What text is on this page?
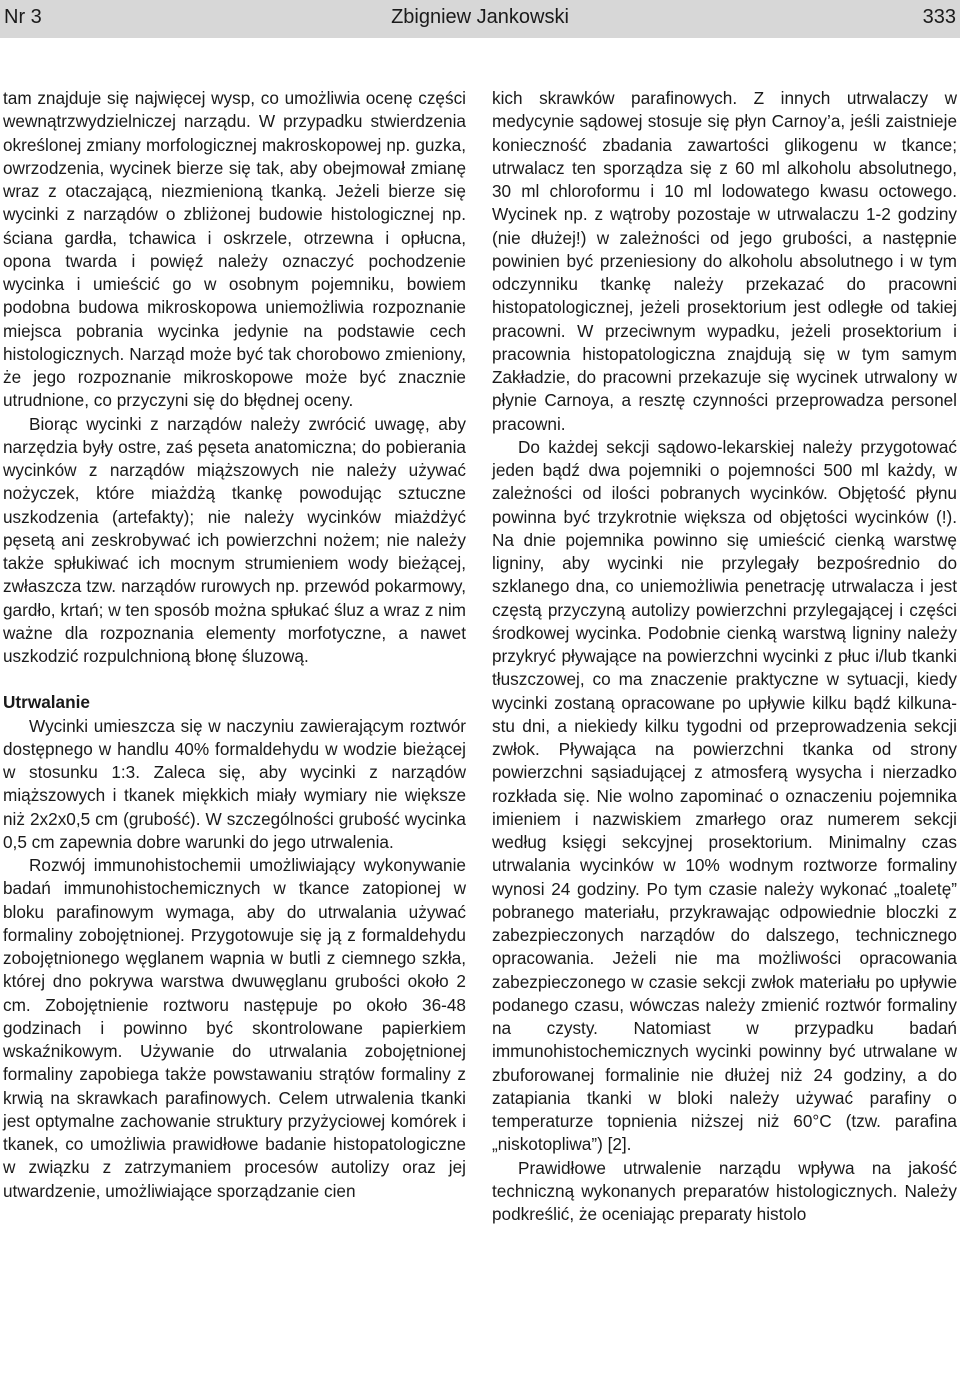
Zbigniew Jankowski
Nr 3	333

tam znajduje się najwięcej wysp, co umożliwia ocenę części wewnątrzwydzielniczej narządu. W przypadku stwierdzenia określonej zmiany morfologicznej makroskopowej np. guzka, owrzodzenia, wycinek bierze się tak, aby obejmował zmianę wraz z otaczającą, niezmienioną tkanką. Jeżeli bierze się wycinki z narządów o zbliżonej budowie histologicznej np. ściana gardła, tchawica i oskrzele, otrzewna i opłucna, opona twarda i powięź należy oznaczyć pochodzenie wycinka i umieścić go w osobnym pojemniku, bowiem podobna budowa mikroskopowa uniemożliwia rozpoznanie miejsca pobrania wycinka jedynie na podstawie cech histologicznych. Narząd może być tak chorobowo zmieniony, że jego rozpoznanie mikroskopowe może być znacznie utrudnione, co przyczyni się do błędnej oceny.

Biorąc wycinki z narządów należy zwrócić uwagę, aby narzędzia były ostre, zaś pęseta anatomiczna; do pobierania wycinków z narządów miąższowych nie należy używać nożyczek, które miażdżą tkankę powodując sztuczne uszkodzenia (artefakty); nie należy wycinków miażdżyć pęsetą ani zeskrobywać ich powierzchni nożem; nie należy także spłukiwać ich mocnym strumieniem wody bieżącej, zwłaszcza tzw. narządów rurowych np. przewód pokarmowy, gardło, krtań; w ten sposób można spłukać śluz a wraz z nim ważne dla rozpoznania elementy morfotyczne, a nawet uszkodzić rozpulchnioną błonę śluzową.

Utrwalanie

Wycinki umieszcza się w naczyniu zawierającym roztwór dostępnego w handlu 40% formaldehydu w wodzie bieżącej w stosunku 1:3. Zaleca się, aby wycinki z narządów miąższowych i tkanek miękkich miały wymiary nie większe niż 2x2x0,5 cm (grubość). W szczególności grubość wycinka 0,5 cm zapewnia dobre warunki do jego utrwalenia.

Rozwój immunohistochemii umożliwiający wykonywanie badań immunohistochemicznych w tkance zatopionej w bloku parafinowym wymaga, aby do utrwalania używać formaliny zobojętnionej. Przygotowuje się ją z formaldehydu zobojętnionego węglanem wapnia w butli z ciemnego szkła, której dno pokrywa warstwa dwuwęglanu grubości około 2 cm. Zobojętnienie roztworu następuje po około 36-48 godzinach i powinno być skontrolowane papierkiem wskaźnikowym. Używanie do utrwalania zobojętnionej formaliny zapobiega także powstawaniu strątów formaliny z krwią na skrawkach parafinowych. Celem utrwalenia tkanki jest optymalne zachowanie struktury przyżyciowej komórek i tkanek, co umożliwia prawidłowe badanie histopatologiczne w związku z zatrzymaniem procesów autolizy oraz jej utwardzenie, umożliwiające sporządzanie cien

kich skrawków parafinowych. Z innych utrwalaczy w medycynie sądowej stosuje się płyn Carnoy’a, jeśli zaistnieje konieczność zbadania zawartości glikogenu w tkance; utrwalacz ten sporządza się z 60 ml alkoholu absolutnego, 30 ml chloroformu i 10 ml lodowatego kwasu octowego. Wycinek np. z wątroby pozostaje w utrwalaczu 1-2 godziny (nie dłużej!) w zależności od jego grubości, a następnie powinien być przeniesiony do alkoholu absolutnego i w tym odczynniku tkankę należy przekazać do pracowni histopatologicznej, jeżeli prosektorium jest odległe od takiej pracowni. W przeciwnym wypadku, jeżeli prosektorium i pracownia histopatologiczna znajdują się w tym samym Zakładzie, do pracowni przekazuje się wycinek utrwalony w płynie Carnoya, a resztę czynności przeprowadza personel pracowni.

Do każdej sekcji sądowo-lekarskiej należy przygotować jeden bądź dwa pojemniki o pojemności 500 ml każdy, w zależności od ilości pobranych wycinków. Objętość płynu powinna być trzykrotnie większa od objętości wycinków (!). Na dnie pojemnika powinno się umieścić cienką warstwę ligniny, aby wycinki nie przylegały bezpośrednio do szklanego dna, co uniemożliwia penetrację utrwalacza i jest częstą przyczyną autolizy powierzchni przylegającej i części środkowej wycinka. Podobnie cienką warstwą ligniny należy przykryć pływające na powierzchni wycinki z płuc i/lub tkanki tłuszczowej, co ma znaczenie praktyczne w sytuacji, kiedy wycinki zostaną opracowane po upływie kilku bądź kilkunastu dni, a niekiedy kilku tygodni od przeprowadzenia sekcji zwłok. Pływająca na powierzchni tkanka od strony powierzchni sąsiadującej z atmosferą wysycha i nierzadko rozkłada się. Nie wolno zapominać o oznaczeniu pojemnika imieniem i nazwiskiem zmarłego oraz numerem sekcji według księgi sekcyjnej prosektorium. Minimalny czas utrwalania wycinków w 10% wodnym roztworze formaliny wynosi 24 godziny. Po tym czasie należy wykonać „toaletę” pobranego materiału, przykrawając odpowiednie bloczki z zabezpieczonych narządów do dalszego, technicznego opracowania. Jeżeli nie ma możliwości opracowania zabezpieczonego w czasie sekcji zwłok materiału po upływie podanego czasu, wówczas należy zmienić roztwór formaliny na czysty. Natomiast w przypadku badań immunohistochemicznych wycinki powinny być utrwalane w zbuforowanej formalinie nie dłużej niż 24 godziny, a do zatapiania tkanki w bloki należy używać parafiny o temperaturze topnienia niższej niż 60°C (tzw. parafina „niskotopliwa”) [2].

Prawidłowe utrwalenie narządu wpływa na jakość techniczną wykonanych preparatów histologicznych. Należy podkreślić, że oceniając preparaty histolo
